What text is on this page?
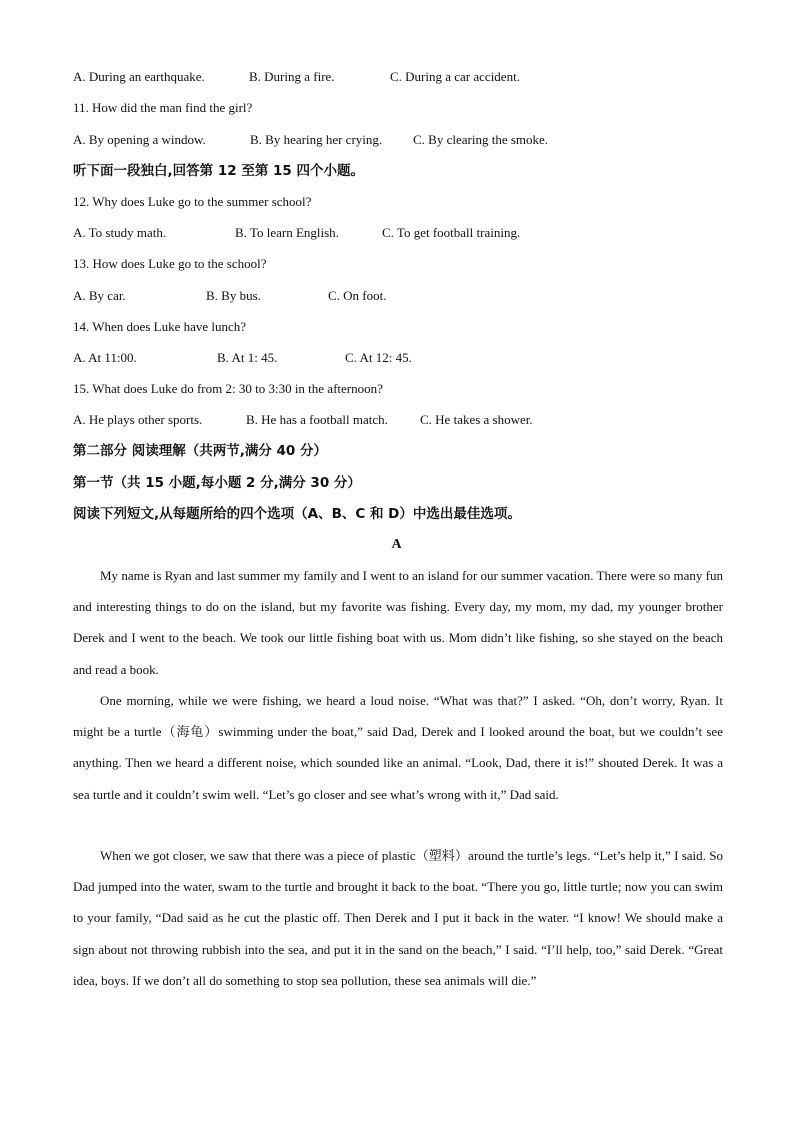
A. During an earthquake.	B. During a fire.	C. During a car accident.
11. How did the man find the girl?
A. By opening a window.	B. By hearing her crying. C. By clearing the smoke.
听下面一段独白,回答第 12 至第 15 四个小题。
12. Why does Luke go to the summer school?
A. To study math.	B. To learn English.	C. To get football training.
13. How does Luke go to the school?
A. By car.	B. By bus.	C. On foot.
14. When does Luke have lunch?
A. At 11:00.	B. At 1: 45.	C. At 12: 45.
15. What does Luke do from 2: 30 to 3:30 in the afternoon?
A. He plays other sports.	B. He has a football match. C. He takes a shower.
第二部分 阅读理解（共两节,满分 40 分）
第一节（共 15 小题,每小题 2 分,满分 30 分）
阅读下列短文,从每题所给的四个选项（A、B、C 和 D）中选出最佳选项。
A

My name is Ryan and last summer my family and I went to an island for our summer vacation. There were so many fun and interesting things to do on the island, but my favorite was fishing. Every day, my mom, my dad, my younger brother Derek and I went to the beach. We took our little fishing boat with us. Mom didn’t like fishing, so she stayed on the beach and read a book.

One morning, while we were fishing, we heard a loud noise. “What was that?” I asked. “Oh, don’t worry, Ryan. It might be a turtle（海龟）swimming under the boat,” said Dad, Derek and I looked around the boat, but we couldn’t see anything. Then we heard a different noise, which sounded like an animal. “Look, Dad, there it is!” shouted Derek. It was a sea turtle and it couldn’t swim well. “Let’s go closer and see what’s wrong with it,” Dad said.

When we got closer, we saw that there was a piece of plastic（塑料）around the turtle’s legs. “Let’s help it,” I said. So Dad jumped into the water, swam to the turtle and brought it back to the boat. “There you go, little turtle; now you can swim to your family, “Dad said as he cut the plastic off. Then Derek and I put it back in the water. “I know! We should make a sign about not throwing rubbish into the sea, and put it in the sand on the beach,” I said. “I’ll help, too,” said Derek. “Great idea, boys. If we don’t all do something to stop sea pollution, these sea animals will die.”
